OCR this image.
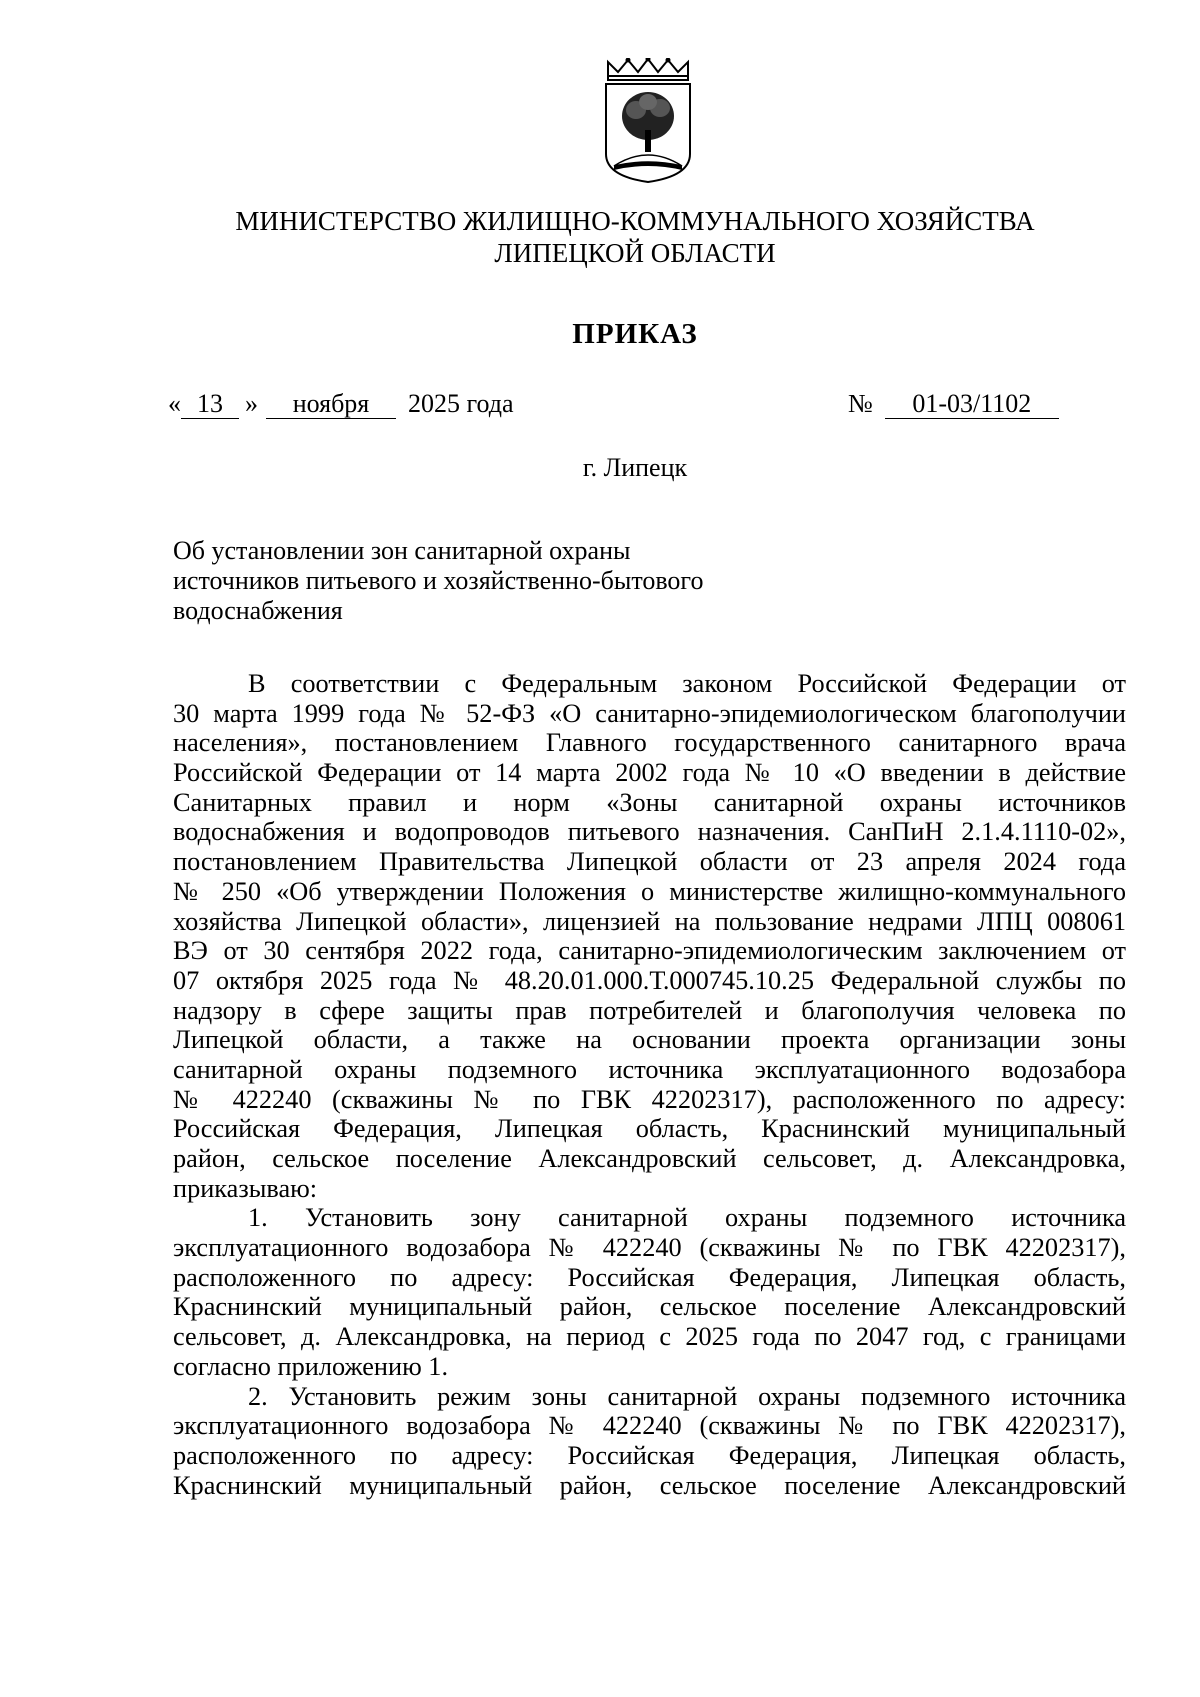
МИНИСТЕРСТВО ЖИЛИЩНО-КОММУНАЛЬНОГО ХОЗЯЙСТВА
ЛИПЕЦКОЙ ОБЛАСТИ
ПРИКАЗ
« 13 » ноября 2025 года	№ 01-03/1102
г. Липецк
Об установлении зон санитарной охраны
источников питьевого и хозяйственно-бытового
водоснабжения
В соответствии с Федеральным законом Российской Федерации от
30 марта 1999 года № 52-ФЗ «О санитарно-эпидемиологическом благополучии
населения», постановлением Главного государственного санитарного врача
Российской Федерации от 14 марта 2002 года № 10 «О введении в действие
Санитарных правил и норм «Зоны санитарной охраны источников
водоснабжения и водопроводов питьевого назначения. СанПиН 2.1.4.1110-02»,
постановлением Правительства Липецкой области от 23 апреля 2024 года
№ 250 «Об утверждении Положения о министерстве жилищно-коммунального
хозяйства Липецкой области», лицензией на пользование недрами ЛПЦ 008061
ВЭ от 30 сентября 2022 года, санитарно-эпидемиологическим заключением от
07 октября 2025 года № 48.20.01.000.Т.000745.10.25 Федеральной службы по
надзору в сфере защиты прав потребителей и благополучия человека по
Липецкой области, а также на основании проекта организации зоны
санитарной охраны подземного источника эксплуатационного водозабора
№ 422240 (скважины № по ГВК 42202317), расположенного по адресу:
Российская Федерация, Липецкая область, Краснинский муниципальный
район, сельское поселение Александровский сельсовет, д. Александровка,
приказываю:
1. Установить зону санитарной охраны подземного источника
эксплуатационного водозабора № 422240 (скважины № по ГВК 42202317),
расположенного по адресу: Российская Федерация, Липецкая область,
Краснинский муниципальный район, сельское поселение Александровский
сельсовет, д. Александровка, на период с 2025 года по 2047 год, с границами
согласно приложению 1.
2. Установить режим зоны санитарной охраны подземного источника
эксплуатационного водозабора № 422240 (скважины № по ГВК 42202317),
расположенного по адресу: Российская Федерация, Липецкая область,
Краснинский муниципальный район, сельское поселение Александровский
